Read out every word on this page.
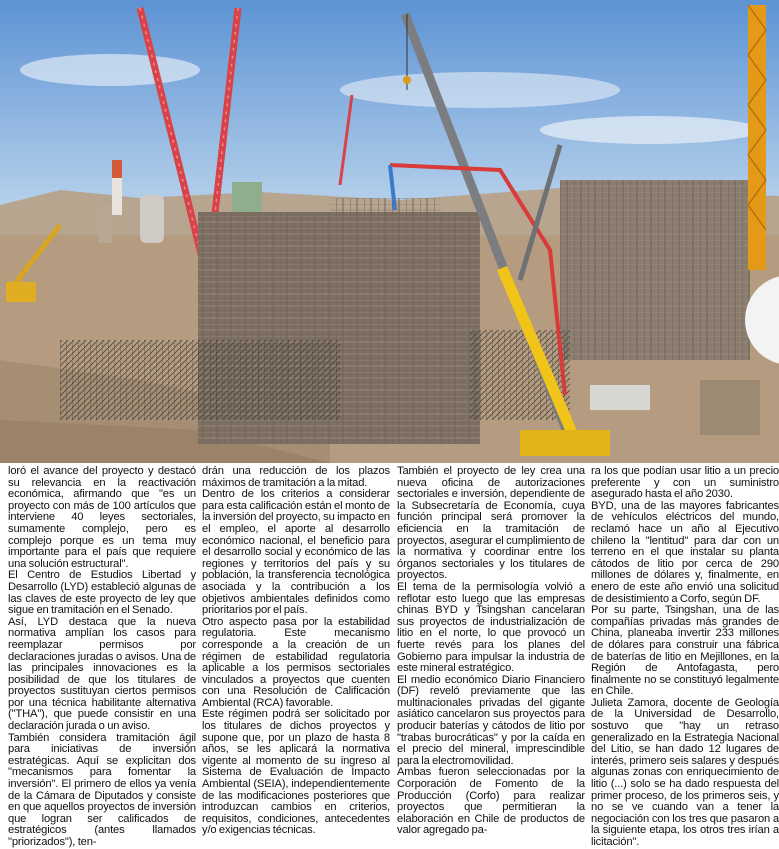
loró el avance del proyecto y destacó su relevancia en la reactivación económica, afirmando que "es un proyecto con más de 100 artículos que interviene 40 leyes sectoriales, sumamente complejo, pero es complejo porque es un tema muy importante para el país que requiere una solución estructural".

El Centro de Estudios Libertad y Desarrollo (LYD) estableció algunas de las claves de este proyecto de ley que sigue en tramitación en el Senado.

Así, LYD destaca que la nueva normativa amplían los casos para reemplazar permisos por declaraciones juradas o avisos. Una de las principales innovaciones es la posibilidad de que los titulares de proyectos sustituyan ciertos permisos por una técnica habilitante alternativa ("THA"), que puede consistir en una declaración jurada o un aviso.

También considera tramitación ágil para iniciativas de inversión estratégicas. Aquí se explicitan dos "mecanismos para fomentar la inversión". El primero de ellos ya venía de la Cámara de Diputados y consiste en que aquellos proyectos de inversión que logran ser calificados de estratégicos (antes llamados "priorizados"), ten-

drán una reducción de los plazos máximos de tramitación a la mitad.

Dentro de los criterios a considerar para esta calificación están el monto de la inversión del proyecto, su impacto en el empleo, el aporte al desarrollo económico nacional, el beneficio para el desarrollo social y económico de las regiones y territorios del país y su población, la transferencia tecnológica asociada y la contribución a los objetivos ambientales definidos como prioritarios por el país.

Otro aspecto pasa por la estabilidad regulatoria. Este mecanismo corresponde a la creación de un régimen de estabilidad regulatoria aplicable a los permisos sectoriales vinculados a proyectos que cuenten con una Resolución de Calificación Ambiental (RCA) favorable.

Este régimen podrá ser solicitado por los titulares de dichos proyectos y supone que, por un plazo de hasta 8 años, se les aplicará la normativa vigente al momento de su ingreso al Sistema de Evaluación de Impacto Ambiental (SEIA), independientemente de las modificaciones posteriores que introduzcan cambios en criterios, requisitos, condiciones, antecedentes y/o exigencias técnicas.

También el proyecto de ley crea una nueva oficina de autorizaciones sectoriales e inversión, dependiente de la Subsecretaría de Economía, cuya función principal será promover la eficiencia en la tramitación de proyectos, asegurar el cumplimiento de la normativa y coordinar entre los órganos sectoriales y los titulares de proyectos.

El tema de la permisología volvió a reflotar esto luego que las empresas chinas BYD y Tsingshan cancelaran sus proyectos de industrialización de litio en el norte, lo que provocó un fuerte revés para los planes del Gobierno para impulsar la industria de este mineral estratégico.

El medio económico Diario Financiero (DF) reveló previamente que las multinacionales privadas del gigante asiático cancelaron sus proyectos para producir baterías y cátodos de litio por "trabas burocráticas" y por la caída en el precio del mineral, imprescindible para la electromovilidad.

Ambas fueron seleccionadas por la Corporación de Fomento de la Producción (Corfo) para realizar proyectos que permitieran la elaboración en Chile de productos de valor agregado pa-

ra los que podían usar litio a un precio preferente y con un suministro asegurado hasta el año 2030.

BYD, una de las mayores fabricantes de vehículos eléctricos del mundo, reclamó hace un año al Ejecutivo chileno la "lentitud" para dar con un terreno en el que instalar su planta cátodos de litio por cerca de 290 millones de dólares y, finalmente, en enero de este año envió una solicitud de desistimiento a Corfo, según DF.

Por su parte, Tsingshan, una de las compañías privadas más grandes de China, planeaba invertir 233 millones de dólares para construir una fábrica de baterías de litio en Mejillones, en la Región de Antofagasta, pero finalmente no se constituyó legalmente en Chile.

Julieta Zamora, docente de Geología de la Universidad de Desarrollo, sostuvo que "hay un retraso generalizado en la Estrategia Nacional del Litio, se han dado 12 lugares de interés, primero seis salares y después algunas zonas con enriquecimiento de litio (...) solo se ha dado respuesta del primer proceso, de los primeros seis, y no se ve cuando van a tener la negociación con los tres que pasaron a la siguiente etapa, los otros tres irían a licitación".
